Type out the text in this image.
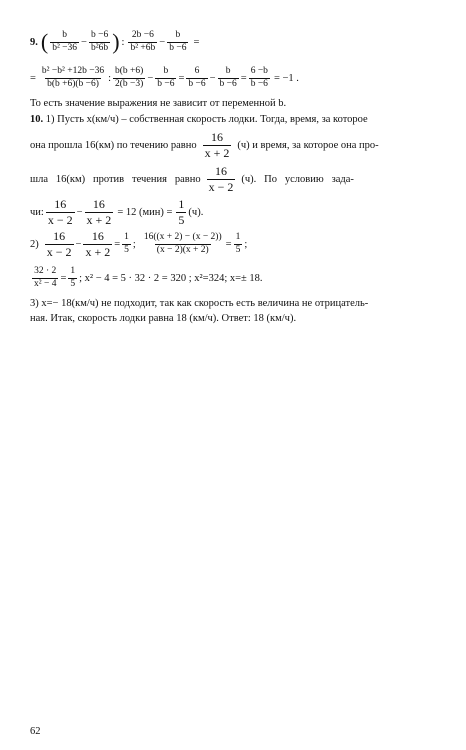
9. ( $\frac{b}{\text{b² −36}} - \frac{b -6}{\text{b²6b}}$ ) : $\frac{2b -6}{\text{b² +6b}} - \frac{b}{b -6}$ =
= $\frac{\text{b² −b² +12b −36}}{b(b +6)(b -6)}$ : $\frac{b(b +6)}{2(b -3)} - \frac{b}{b -6} = \frac{6}{b -6} - \frac{b}{b -6} = \frac{6 -b}{b -6} = -1$ .
То есть значение выражения не зависит от переменной b.
10. 1) Пусть x(км/ч) – собственная скорость лодки. Тогда, время, за которое
она прошла 16(км) по течению равно $\frac{16}{x + 2} (ч)$ и время, за которое она про-
шла   16(км)   против   течения   равно $\frac{16}{x - 2} (ч)$.   По   условию   зада-
чи: $\frac{16}{x - 2} - \frac{16}{x + 2} = 12$ $(мин) = \frac{1}{5} (ч)$.
$2) \frac{16}{x - 2} - \frac{16}{x + 2} = \frac{1}{5}$ ; $\frac{16((x + 2) - (x - 2))}{(x - 2)(x + 2)} = \frac{1}{5}$ ;
$\frac{32 \cdot 2}{\text{x² − 4}} = \frac{1}{5}$ ; x² − 4 = 5 · 32 · 2 = 320 ; x²=324; x=± 18.
3) x=− 18(км/ч) не подходит, так как скорость есть величина не отрицатель-
ная. Итак, скорость лодки равна 18 (км/ч). Ответ: 18 (км/ч).
62
